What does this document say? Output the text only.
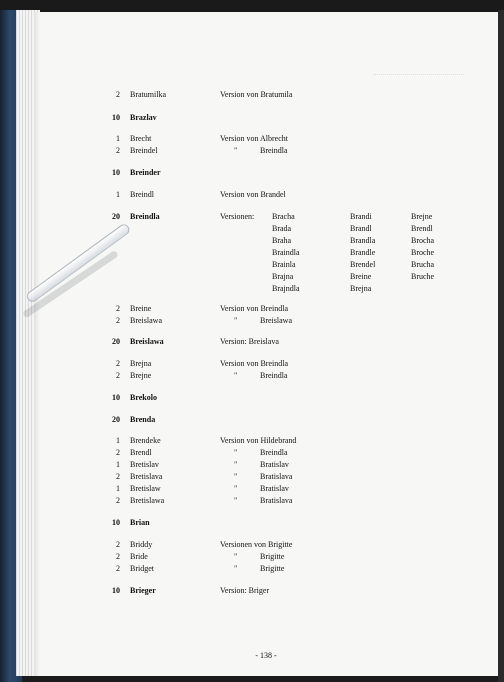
2 Bratumilka	Version von Bratumila
10 Brazlav
1 Brecht	Version von Albrecht
2 Breindel	"	Breindla
10 Breinder
1 Breindl	Version von Brandel
20 Breindla	Versionen: Bracha	Brandi	Brejne
Brada	Brandl	Brendl
Braha	Brandla	Brocha
Braindla	Brandle	Broche
Brainla	Brendel	Brucha
Brajna	Breine	Bruche
Brajndla	Brejna
2 Breine	Version von Breindla
2 Breislawa	"	Breislawa
20 Breislawa	Version: Breislava
2 Brejna	Version von Breindla
2 Brejne	"	Breindla
10 Brekolo
20 Brenda
1 Brendeke	Version von Hildebrand
2 Brendl	"	Breindla
1 Bretislav	"	Bratislav
2 Bretislava	"	Bratislava
1 Bretislaw	"	Bratislav
2 Bretislawa	"	Bratislava
10 Brian
2 Briddy	Versionen von Brigitte
2 Bride	"	Brigitte
2 Bridget	"	Brigitte
10 Brieger	Version: Briger
- 138 -
